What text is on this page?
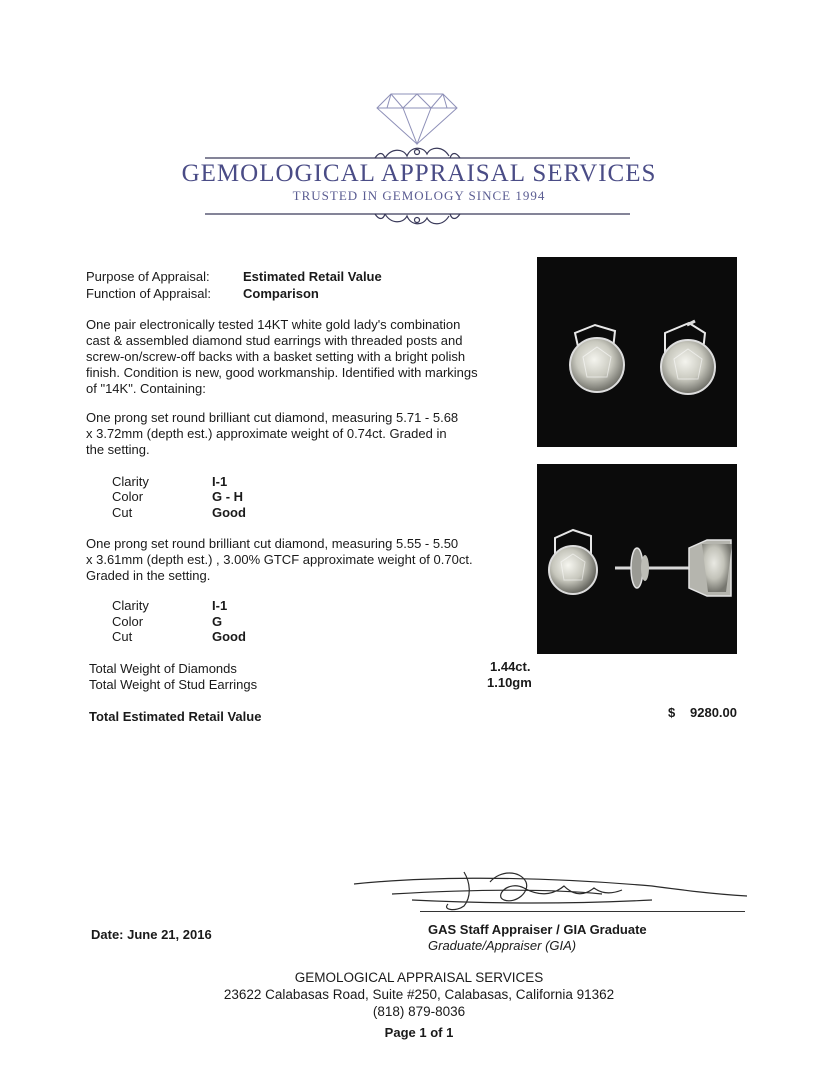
GEMOLOGICAL APPRAISAL SERVICES
TRUSTED IN GEMOLOGY SINCE 1994
Purpose of Appraisal:	Estimated Retail Value
Function of Appraisal: Comparison
One pair electronically tested 14KT white gold lady's combination
cast & assembled diamond stud earrings with threaded posts and
screw-on/screw-off backs with a basket setting with a bright polish
finish. Condition is new, good workmanship. Identified with markings
of "14K". Containing:
One prong set round brilliant cut diamond, measuring 5.71 - 5.68
x 3.72mm (depth est.) approximate weight of 0.74ct. Graded in
the setting.
Clarity	I-1
Color	G - H
Cut	Good
One prong set round brilliant cut diamond, measuring 5.55 - 5.50
x 3.61mm (depth est.) , 3.00% GTCF approximate weight of 0.70ct.
Graded in the setting.
Clarity	I-1
Color	G
Cut	Good
Total Weight of Diamonds	1.44ct.
Total Weight of Stud Earrings	1.10gm
Total Estimated Retail Value	$ 9280.00
Date: June 21, 2016	GAS Staff Appraiser / GIA Graduate
Graduate/Appraiser (GIA)
GEMOLOGICAL APPRAISAL SERVICES
23622 Calabasas Road, Suite #250, Calabasas, California 91362
(818) 879-8036
Page 1 of 1
